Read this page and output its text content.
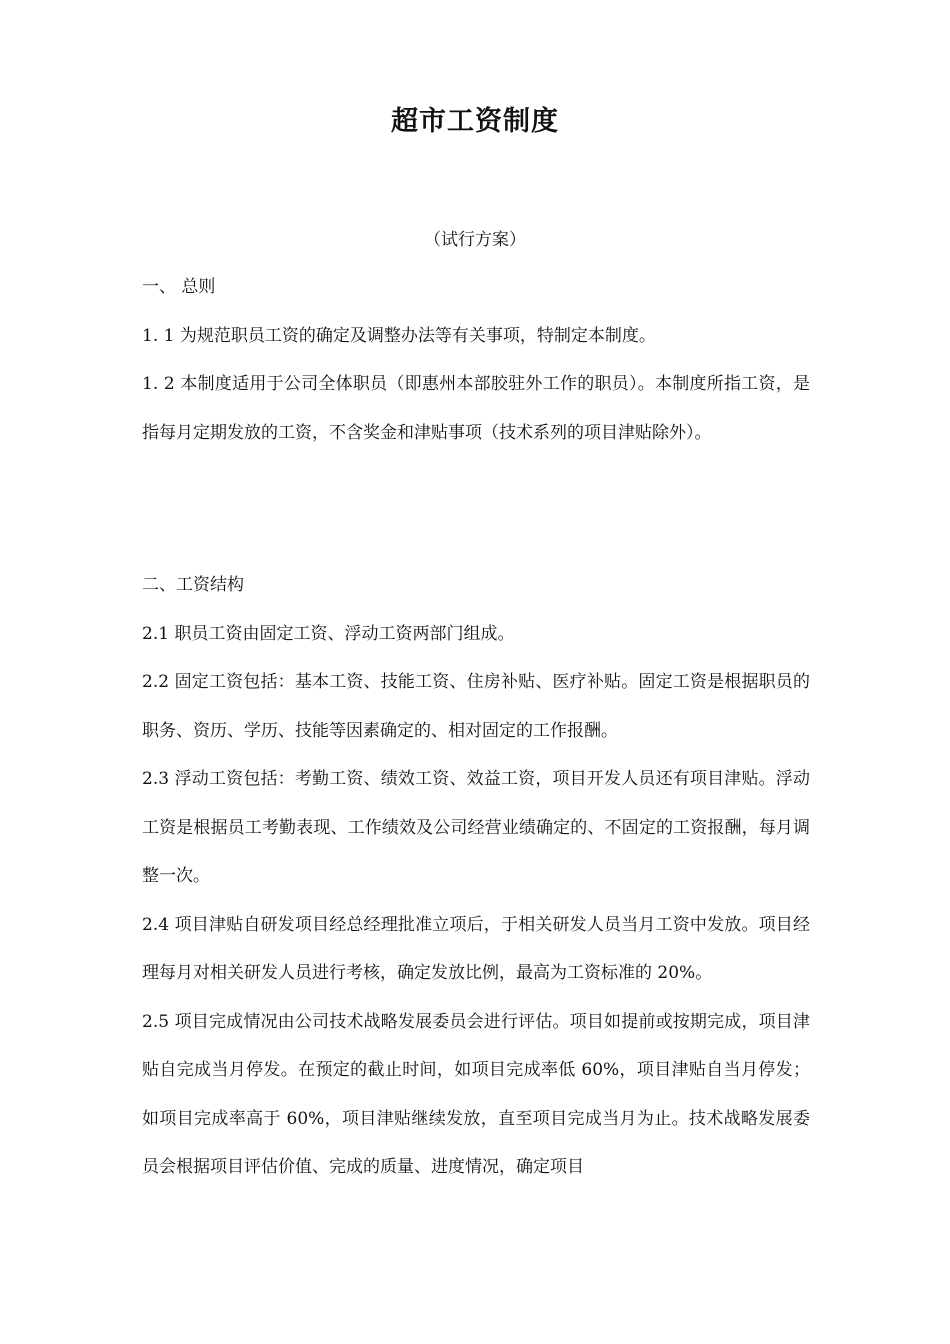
超市工资制度
（试行方案）

一、 总则

1. 1 为规范职员工资的确定及调整办法等有关事项，特制定本制度。

1. 2 本制度适用于公司全体职员（即惠州本部胶驻外工作的职员）。本制度所指工资，是指每月定期发放的工资，不含奖金和津贴事项（技术系列的项目津贴除外）。

二、工资结构

2.1 职员工资由固定工资、浮动工资两部门组成。

2.2 固定工资包括：基本工资、技能工资、住房补贴、医疗补贴。固定工资是根据职员的职务、资历、学历、技能等因素确定的、相对固定的工作报酬。

2.3 浮动工资包括：考勤工资、绩效工资、效益工资，项目开发人员还有项目津贴。浮动工资是根据员工考勤表现、工作绩效及公司经营业绩确定的、不固定的工资报酬，每月调整一次。

2.4 项目津贴自研发项目经总经理批准立项后，于相关研发人员当月工资中发放。项目经理每月对相关研发人员进行考核，确定发放比例，最高为工资标准的 20%。

2.5 项目完成情况由公司技术战略发展委员会进行评估。项目如提前或按期完成，项目津贴自完成当月停发。在预定的截止时间，如项目完成率低 60%，项目津贴自当月停发；如项目完成率高于 60%，项目津贴继续发放，直至项目完成当月为止。技术战略发展委员会根据项目评估价值、完成的质量、进度情况，确定项目
